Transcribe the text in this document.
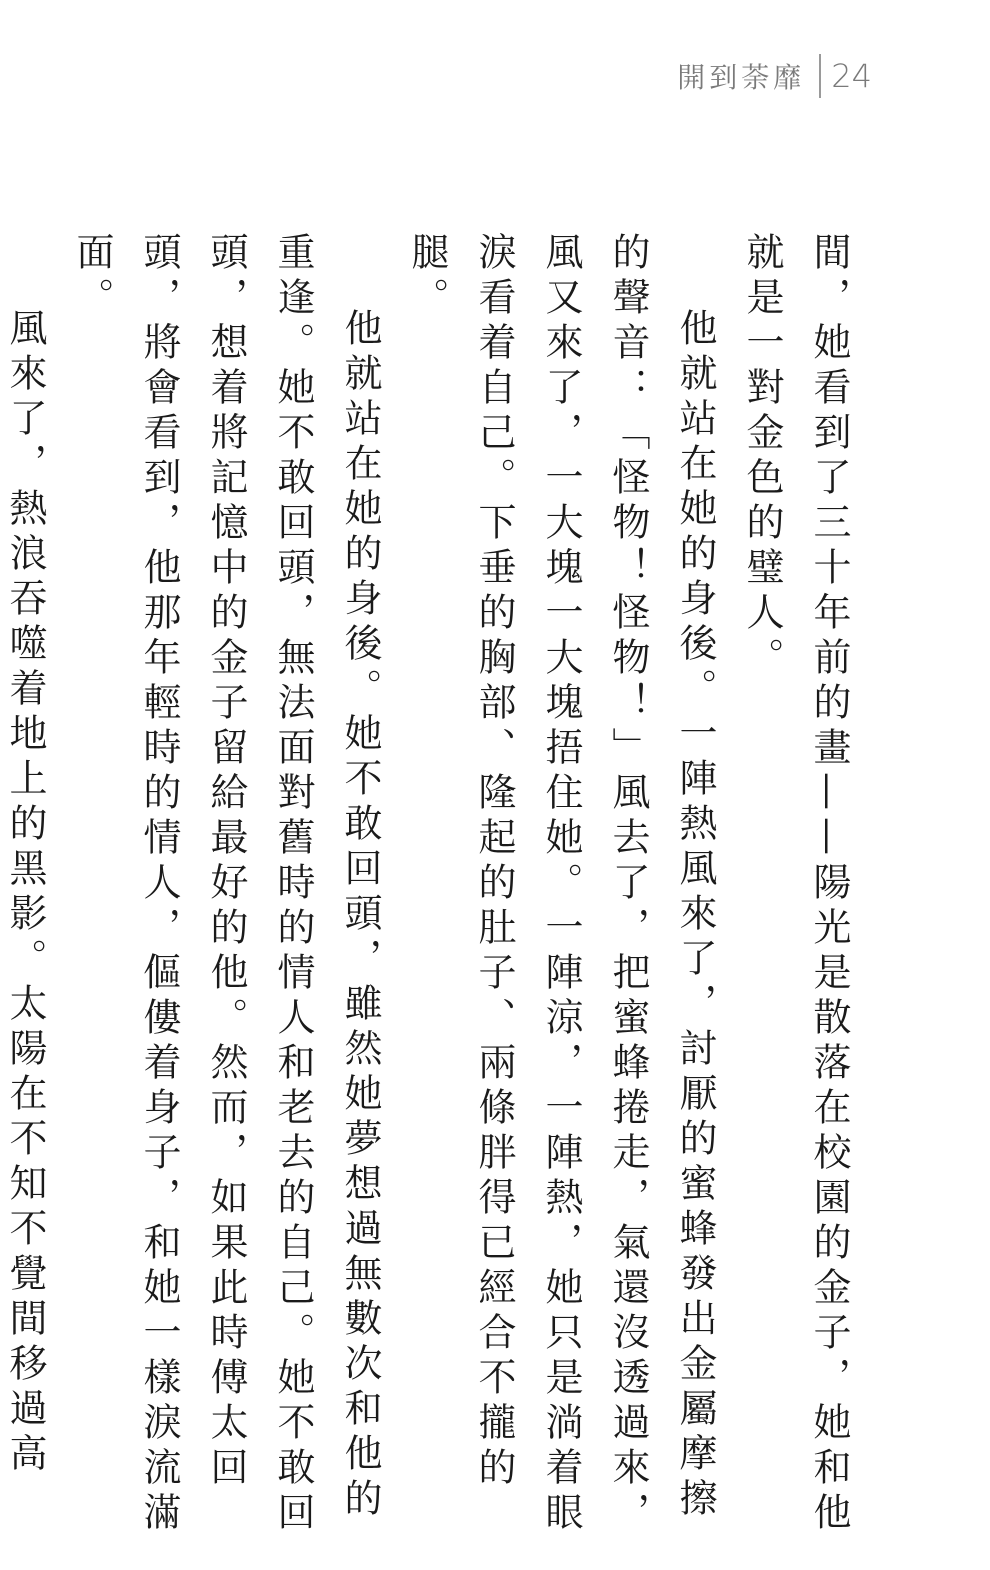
開到荼靡 24

間，她看到了三十年前的畫——陽光是散落在校園的金子，她和他就是一對金色的璧人。

他就站在她的身後。一陣熱風來了，討厭的蜜蜂發出金屬摩擦的聲音：「怪物！怪物！」風去了，把蜜蜂捲走，氣還沒透過來，風又來了，一大塊一大塊捂住她。一陣涼，一陣熱，她只是淌着眼淚看着自己。下垂的胸部、隆起的肚子、兩條胖得已經合不攏的腿。

他就站在她的身後。她不敢回頭，雖然她夢想過無數次和他的重逢。她不敢回頭，無法面對舊時的情人和老去的自己。她不敢回頭，想着將記憶中的金子留給最好的他。然而，如果此時傅太回頭，將會看到，他那年輕時的情人，傴僂着身子，和她一樣淚流滿面。

風來了，熱浪吞噬着地上的黑影。太陽在不知不覺間移過高
